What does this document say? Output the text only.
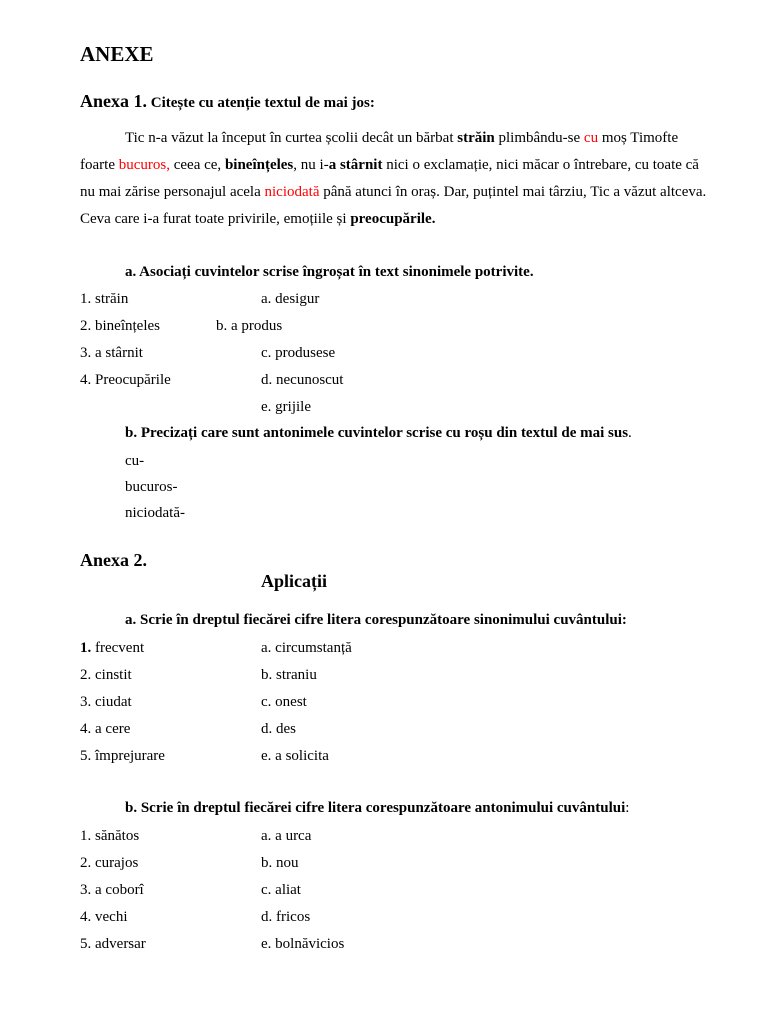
ANEXE
Anexa 1. Citește cu atenție textul de mai jos:
Tic n-a văzut la început în curtea școlii decât un bărbat străin plimbându-se cu moș Timofte foarte bucuros, ceea ce, bineînțeles, nu i-a stârnit nici o exclamație, nici măcar o întrebare, cu toate că nu mai zărise personajul acela niciodată până atunci în oraș. Dar, puțintel mai târziu, Tic a văzut altceva. Ceva care i-a furat toate privirile, emoțiile și preocupările.
a. Asociați cuvintelor scrise îngroșat în text sinonimele potrivite.
1. străin
2. bineînțeles
3. a stârnit
4. Preocupările
a. desigur
b. a produs
c. produsese
d. necunoscut
e. grijile
b. Precizați care sunt antonimele cuvintelor scrise cu roșu din textul de mai sus.
cu-
bucuros-
niciodată-
Anexa 2.
Aplicații
a. Scrie în dreptul fiecărei cifre litera corespunzătoare sinonimului cuvântului:
1. frecvent
2. cinstit
3. ciudat
4. a cere
5. împrejurare
a. circumstanță
b. straniu
c. onest
d. des
e. a solicita
b. Scrie în dreptul fiecărei cifre litera corespunzătoare antonimului cuvântului:
1. sănătos
2. curajos
3. a coborî
4. vechi
5. adversar
a. a urca
b. nou
c. aliat
d. fricos
e. bolnăvicios
